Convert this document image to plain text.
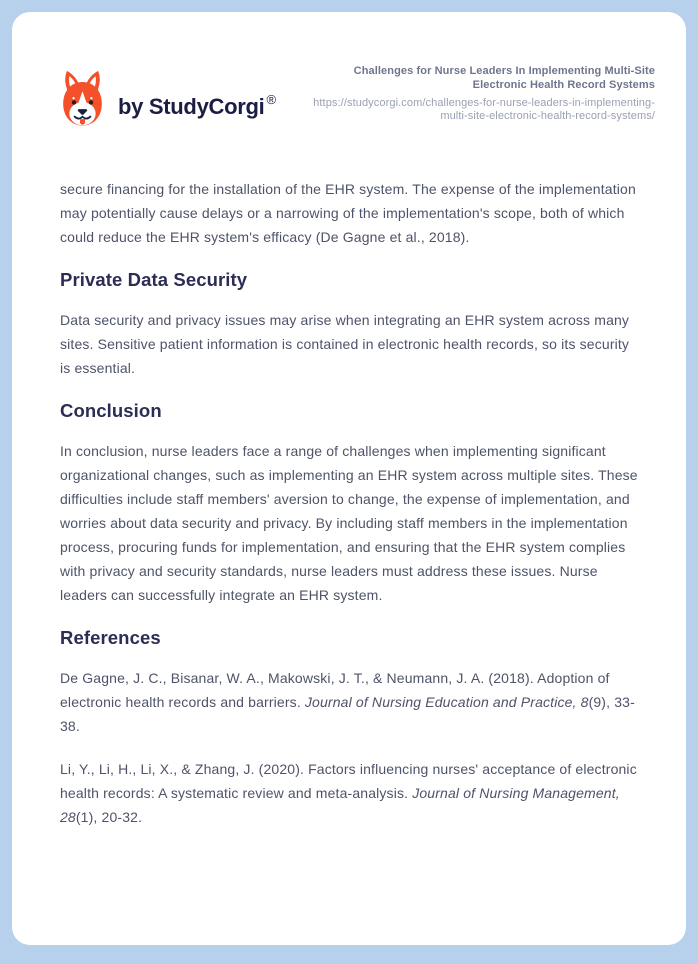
by StudyCorgi ®
Challenges for Nurse Leaders In Implementing Multi-Site Electronic Health Record Systems
https://studycorgi.com/challenges-for-nurse-leaders-in-implementing-multi-site-electronic-health-record-systems/

secure financing for the installation of the EHR system. The expense of the implementation may potentially cause delays or a narrowing of the implementation's scope, both of which could reduce the EHR system's efficacy (De Gagne et al., 2018).

Private Data Security

Data security and privacy issues may arise when integrating an EHR system across many sites. Sensitive patient information is contained in electronic health records, so its security is essential.

Conclusion

In conclusion, nurse leaders face a range of challenges when implementing significant organizational changes, such as implementing an EHR system across multiple sites. These difficulties include staff members' aversion to change, the expense of implementation, and worries about data security and privacy. By including staff members in the implementation process, procuring funds for implementation, and ensuring that the EHR system complies with privacy and security standards, nurse leaders must address these issues. Nurse leaders can successfully integrate an EHR system.

References

De Gagne, J. C., Bisanar, W. A., Makowski, J. T., & Neumann, J. A. (2018). Adoption of electronic health records and barriers. Journal of Nursing Education and Practice, 8(9), 33-38.

Li, Y., Li, H., Li, X., & Zhang, J. (2020). Factors influencing nurses' acceptance of electronic health records: A systematic review and meta-analysis. Journal of Nursing Management, 28(1), 20-32.
